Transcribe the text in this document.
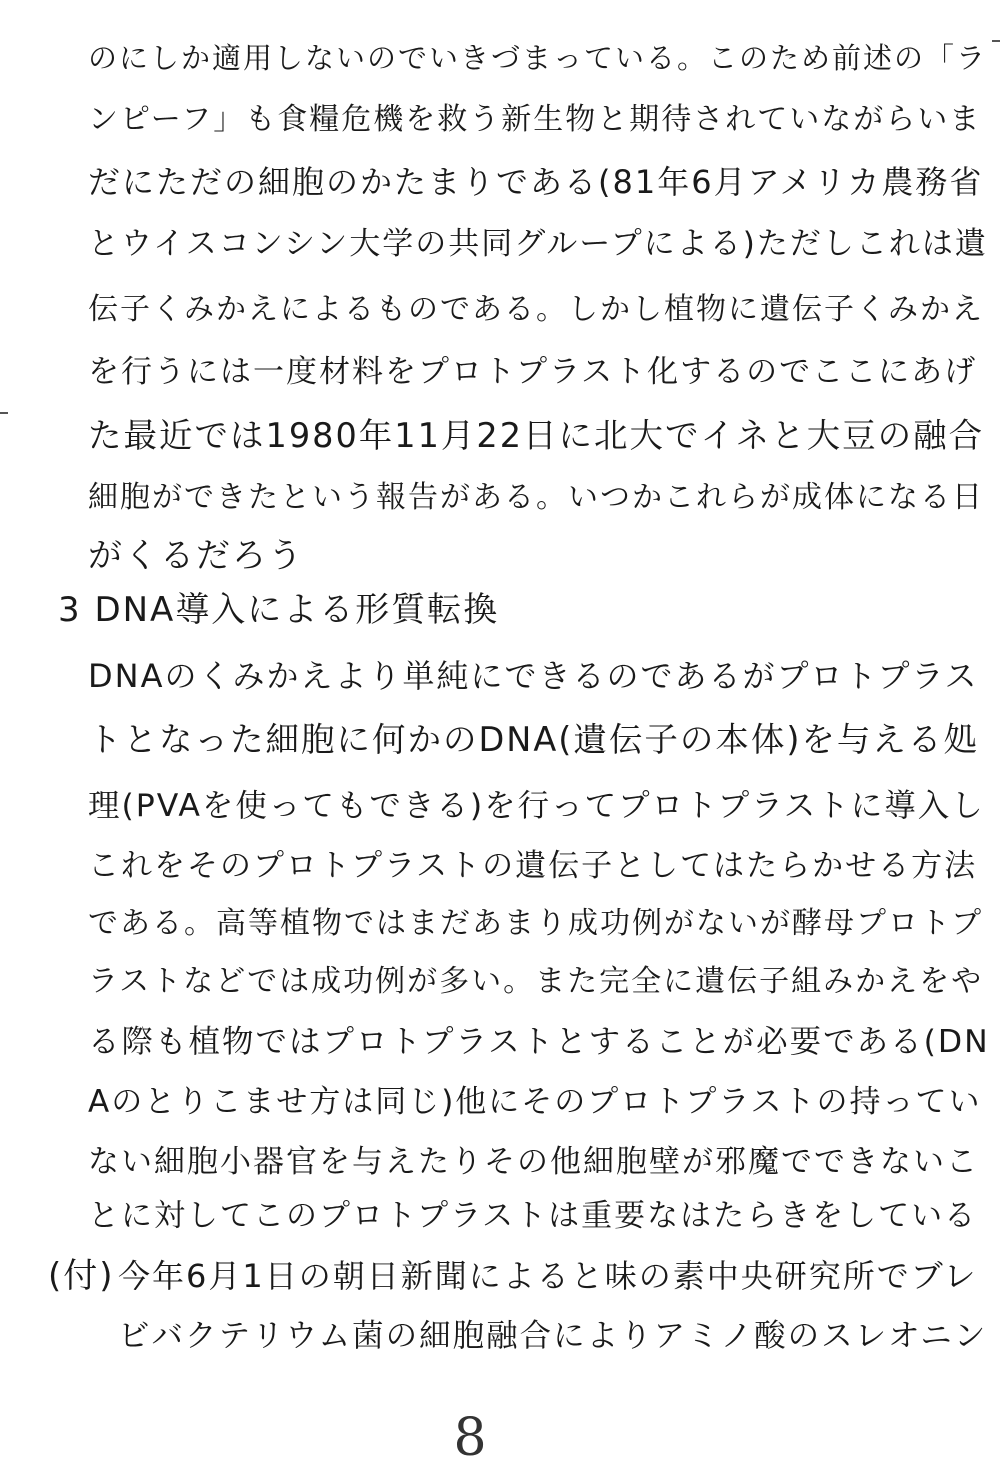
のにしか適用しないのでいきづまっている。このため前述の「ラ
ンピーフ」も食糧危機を救う新生物と期待されていながらいま
だにただの細胞のかたまりである(81年6月アメリカ農務省
とウイスコンシン大学の共同グループによる)ただしこれは遺
伝子くみかえによるものである。しかし植物に遺伝子くみかえ
を行うには一度材料をプロトプラスト化するのでここにあげ
た最近では1980年11月22日に北大でイネと大豆の融合
細胞ができたという報告がある。いつかこれらが成体になる日
がくるだろう
3 DNA導入による形質転換
DNAのくみかえより単純にできるのであるがプロトプラス
トとなった細胞に何かのDNA(遺伝子の本体)を与える処
理(PVAを使ってもできる)を行ってプロトプラストに導入し
これをそのプロトプラストの遺伝子としてはたらかせる方法
である。高等植物ではまだあまり成功例がないが酵母プロトプ
ラストなどでは成功例が多い。また完全に遺伝子組みかえをや
る際も植物ではプロトプラストとすることが必要である(DN
Aのとりこませ方は同じ)他にそのプロトプラストの持ってい
ない細胞小器官を与えたりその他細胞壁が邪魔でできないこ
とに対してこのプロトプラストは重要なはたらきをしている
(付) 今年6月1日の朝日新聞によると味の素中央研究所でブレ
ビバクテリウム菌の細胞融合によりアミノ酸のスレオニン
8
